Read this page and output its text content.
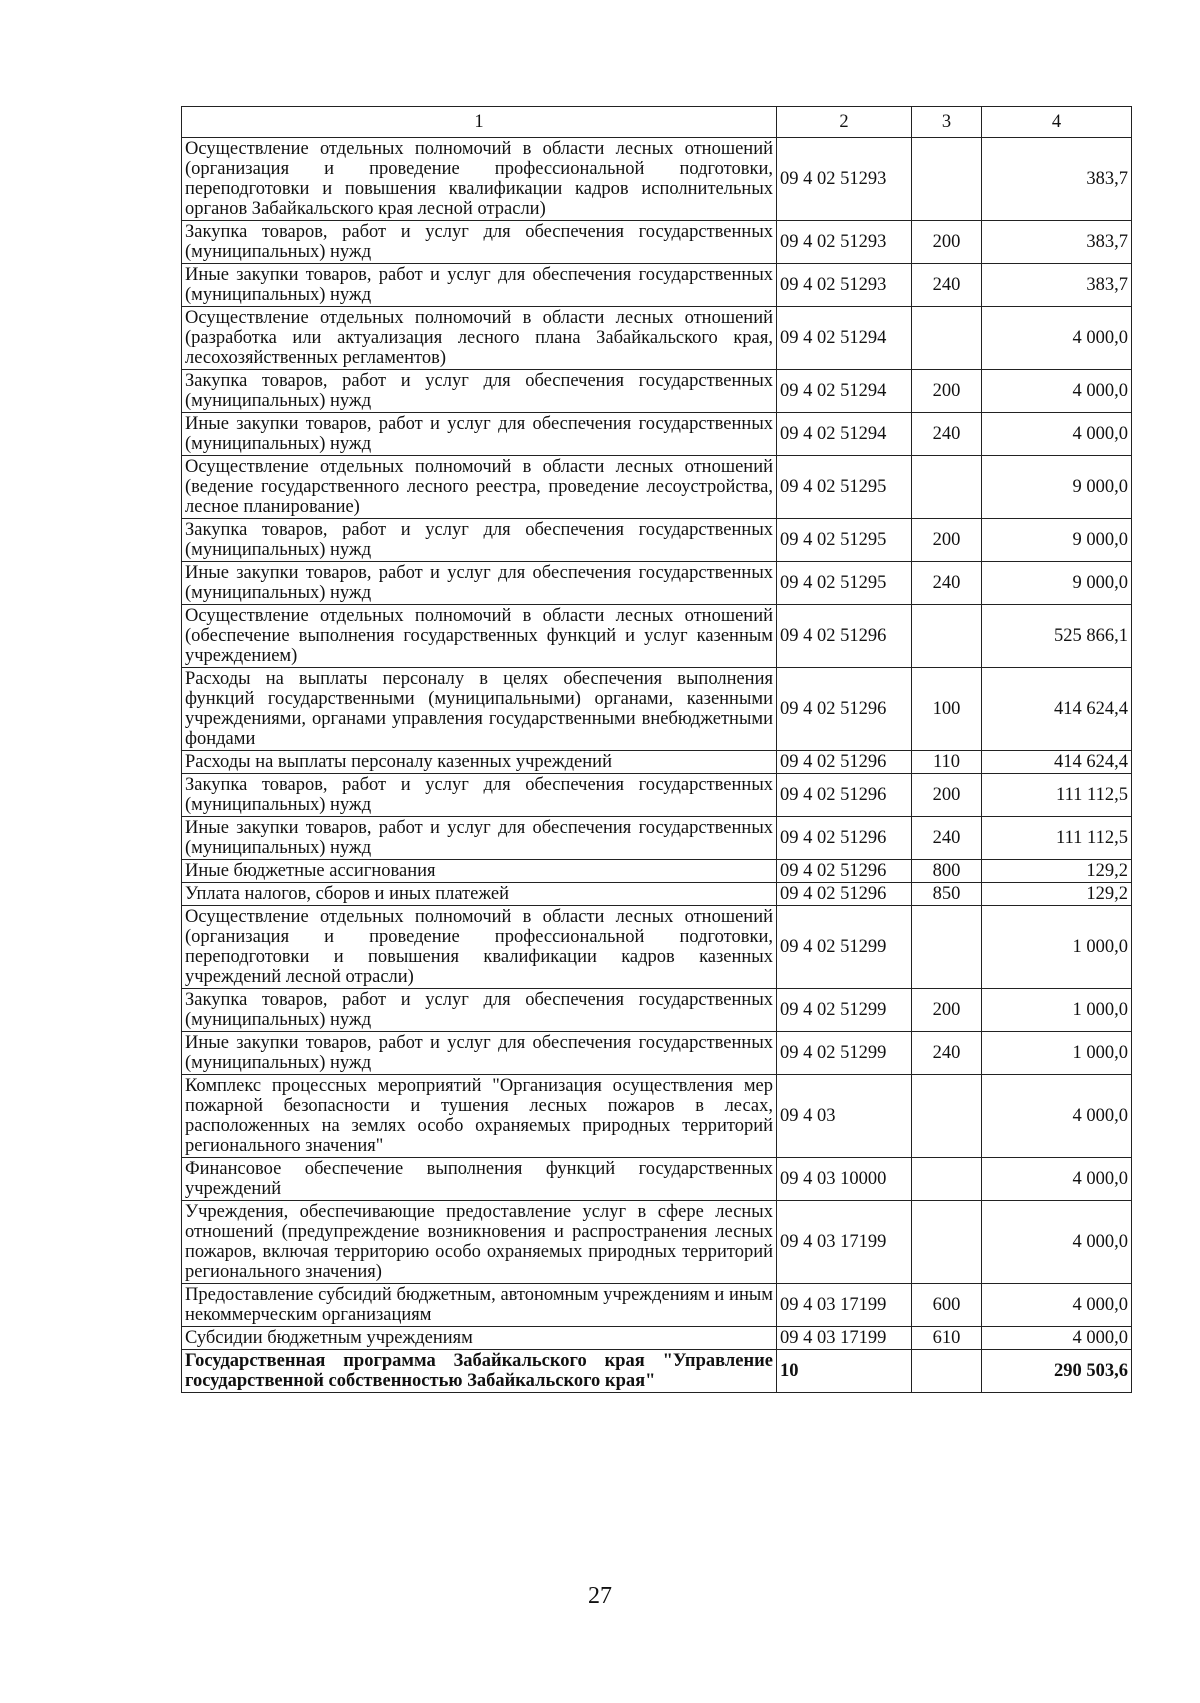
1	2	3	4
Осуществление отдельных полномочий в области лесных отношений (организация и проведение профессиональной подготовки, переподготовки и повышения квалификации кадров исполнительных органов Забайкальского края лесной отрасли)	09 4 02 51293		383,7
Закупка товаров, работ и услуг для обеспечения государственных (муниципальных) нужд	09 4 02 51293	200	383,7
Иные закупки товаров, работ и услуг для обеспечения государственных (муниципальных) нужд	09 4 02 51293	240	383,7
Осуществление отдельных полномочий в области лесных отношений (разработка или актуализация лесного плана Забайкальского края, лесохозяйственных регламентов)	09 4 02 51294		4 000,0
Закупка товаров, работ и услуг для обеспечения государственных (муниципальных) нужд	09 4 02 51294	200	4 000,0
Иные закупки товаров, работ и услуг для обеспечения государственных (муниципальных) нужд	09 4 02 51294	240	4 000,0
Осуществление отдельных полномочий в области лесных отношений (ведение государственного лесного реестра, проведение лесоустройства, лесное планирование)	09 4 02 51295		9 000,0
Закупка товаров, работ и услуг для обеспечения государственных (муниципальных) нужд	09 4 02 51295	200	9 000,0
Иные закупки товаров, работ и услуг для обеспечения государственных (муниципальных) нужд	09 4 02 51295	240	9 000,0
Осуществление отдельных полномочий в области лесных отношений (обеспечение выполнения государственных функций и услуг казенным учреждением)	09 4 02 51296		525 866,1
Расходы на выплаты персоналу в целях обеспечения выполнения функций государственными (муниципальными) органами, казенными учреждениями, органами управления государственными внебюджетными фондами	09 4 02 51296	100	414 624,4
Расходы на выплаты персоналу казенных учреждений	09 4 02 51296	110	414 624,4
Закупка товаров, работ и услуг для обеспечения государственных (муниципальных) нужд	09 4 02 51296	200	111 112,5
Иные закупки товаров, работ и услуг для обеспечения государственных (муниципальных) нужд	09 4 02 51296	240	111 112,5
Иные бюджетные ассигнования	09 4 02 51296	800	129,2
Уплата налогов, сборов и иных платежей	09 4 02 51296	850	129,2
Осуществление отдельных полномочий в области лесных отношений (организация и проведение профессиональной подготовки, переподготовки и повышения квалификации кадров казенных учреждений лесной отрасли)	09 4 02 51299		1 000,0
Закупка товаров, работ и услуг для обеспечения государственных (муниципальных) нужд	09 4 02 51299	200	1 000,0
Иные закупки товаров, работ и услуг для обеспечения государственных (муниципальных) нужд	09 4 02 51299	240	1 000,0
Комплекс процессных мероприятий "Организация осуществления мер пожарной безопасности и тушения лесных пожаров в лесах, расположенных на землях особо охраняемых природных территорий регионального значения"	09 4 03		4 000,0
Финансовое обеспечение выполнения функций государственных учреждений	09 4 03 10000		4 000,0
Учреждения, обеспечивающие предоставление услуг в сфере лесных отношений (предупреждение возникновения и распространения лесных пожаров, включая территорию особо охраняемых природных территорий регионального значения)	09 4 03 17199		4 000,0
Предоставление субсидий бюджетным, автономным учреждениям и иным некоммерческим организациям	09 4 03 17199	600	4 000,0
Субсидии бюджетным учреждениям	09 4 03 17199	610	4 000,0
Государственная программа Забайкальского края "Управление государственной собственностью Забайкальского края"	10		290 503,6
27
